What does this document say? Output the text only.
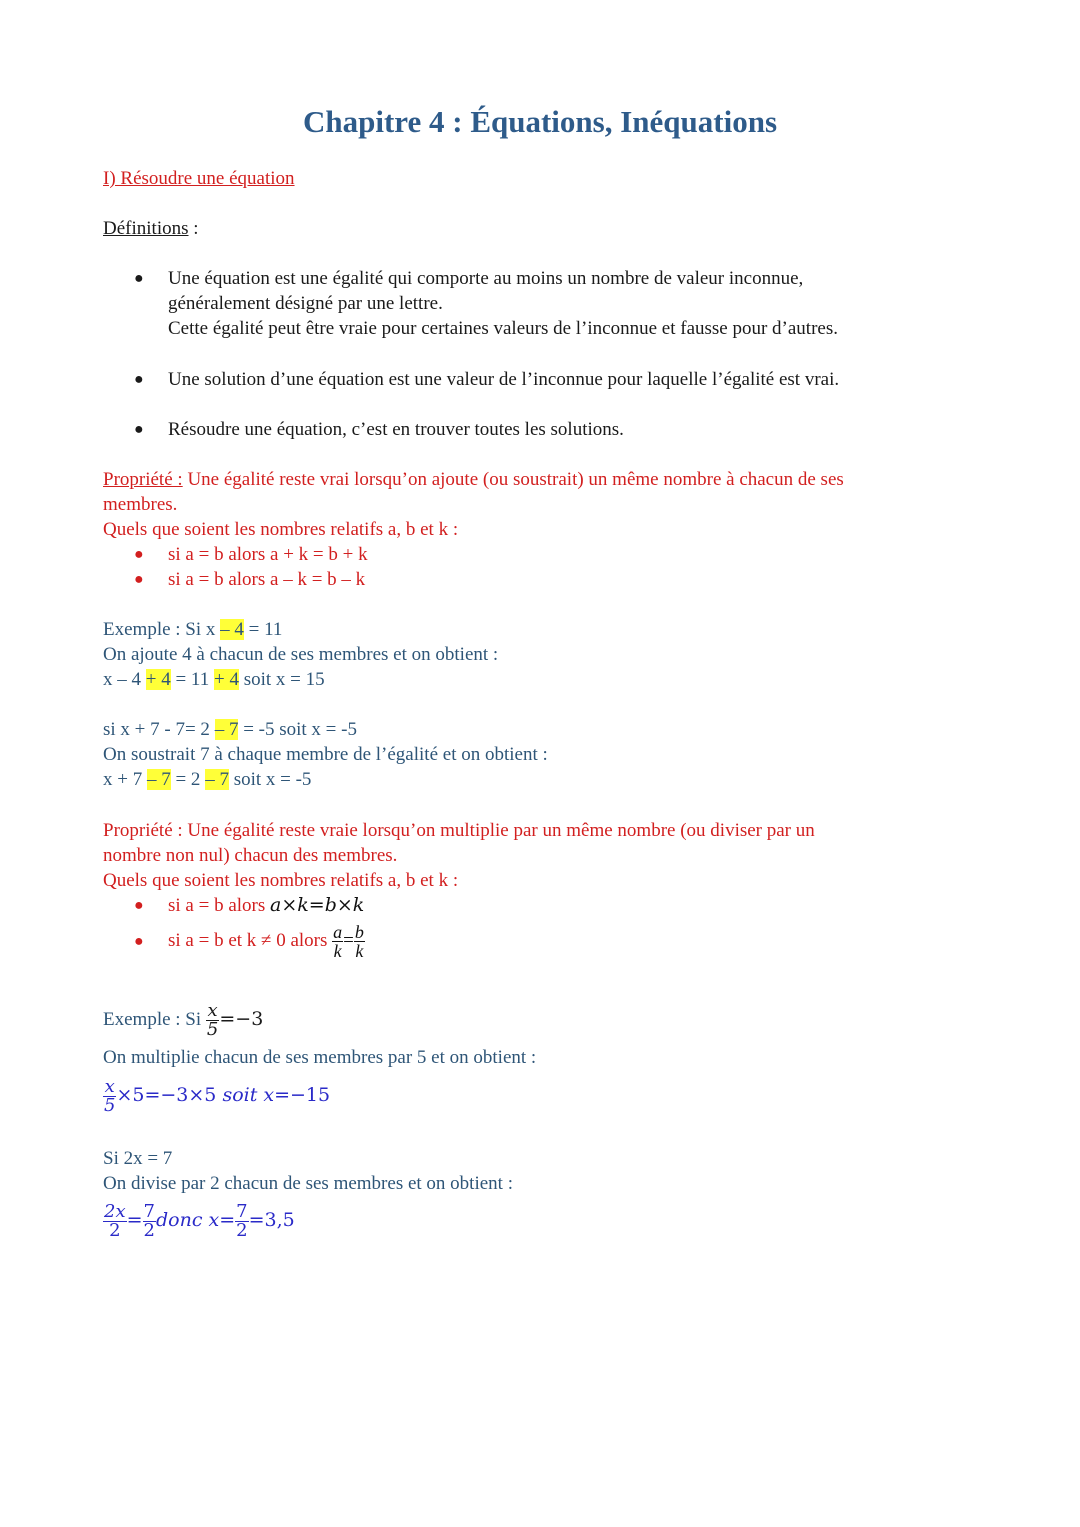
Chapitre 4 : Équations, Inéquations
I) Résoudre une équation
Définitions :
● Une équation est une égalité qui comporte au moins un nombre de valeur inconnue,
généralement désigné par une lettre.
Cette égalité peut être vraie pour certaines valeurs de l’inconnue et fausse pour d’autres.
● Une solution d’une équation est une valeur de l’inconnue pour laquelle l’égalité est vrai.
● Résoudre une équation, c’est en trouver toutes les solutions.
Propriété : Une égalité reste vrai lorsqu’on ajoute (ou soustrait) un même nombre à chacun de ses
membres.
Quels que soient les nombres relatifs a, b et k :
● si a = b alors a + k = b + k
● si a = b alors a – k = b – k
Exemple : Si x – 4 = 11
On ajoute 4 à chacun de ses membres et on obtient :
x – 4 + 4 = 11 + 4 soit x = 15
si x + 7 - 7= 2 – 7 = -5 soit x = -5
On soustrait 7 à chaque membre de l’égalité et on obtient :
x + 7 – 7 = 2 – 7 soit x = -5
Propriété : Une égalité reste vraie lorsqu’on multiplie par un même nombre (ou diviser par un
nombre non nul) chacun des membres.
Quels que soient les nombres relatifs a, b et k :
● si a = b alors a×k=b×k
● si a = b et k ≠ 0 alors $\frac{a}{k} = \frac{b}{k}$
Exemple : Si $\frac{x}{5} =-3$
On multiplie chacun de ses membres par 5 et on obtient :
$\frac{x}{5} \times 5=-3\times 5$ soit x=−15
Si 2x = 7
On divise par 2 chacun de ses membres et on obtient :
$\frac{2x}{2} = \frac{7}{2}$ donc $x= \frac{7}{2} =3,5$
